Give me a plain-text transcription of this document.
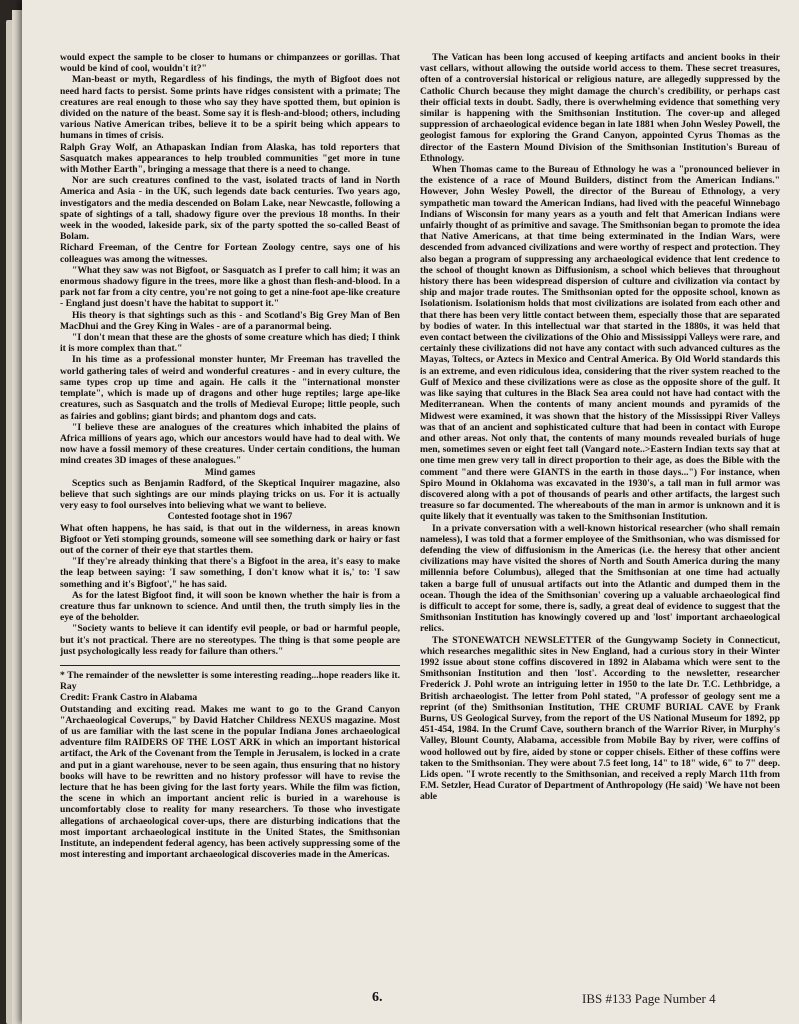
would expect the sample to be closer to humans or chimpanzees or gorillas. That would be kind of cool, wouldn't it?"

Man-beast or myth, Regardless of his findings, the myth of Bigfoot does not need hard facts to persist. Some prints have ridges consistent with a primate; The creatures are real enough to those who say they have spotted them, but opinion is divided on the nature of the beast. Some say it is flesh-and-blood; others, including various Native American tribes, believe it to be a spirit being which appears to humans in times of crisis.

Ralph Gray Wolf, an Athapaskan Indian from Alaska, has told reporters that Sasquatch makes appearances to help troubled communities "get more in tune with Mother Earth", bringing a message that there is a need to change.

Nor are such creatures confined to the vast, isolated tracts of land in North America and Asia - in the UK, such legends date back centuries. Two years ago, investigators and the media descended on Bolam Lake, near Newcastle, following a spate of sightings of a tall, shadowy figure over the previous 18 months. In their week in the wooded, lakeside park, six of the party spotted the so-called Beast of Bolam.

Richard Freeman, of the Centre for Fortean Zoology centre, says one of his colleagues was among the witnesses.

"What they saw was not Bigfoot, or Sasquatch as I prefer to call him; it was an enormous shadowy figure in the trees, more like a ghost than flesh-and-blood. In a park not far from a city centre, you're not going to get a nine-foot ape-like creature - England just doesn't have the habitat to support it."

His theory is that sightings such as this - and Scotland's Big Grey Man of Ben MacDhui and the Grey King in Wales - are of a paranormal being.

"I don't mean that these are the ghosts of some creature which has died; I think it is more complex than that."

In his time as a professional monster hunter, Mr Freeman has travelled the world gathering tales of weird and wonderful creatures - and in every culture, the same types crop up time and again. He calls it the "international monster template", which is made up of dragons and other huge reptiles; large ape-like creatures, such as Sasquatch and the trolls of Medieval Europe; little people, such as fairies and goblins; giant birds; and phantom dogs and cats.

"I believe these are analogues of the creatures which inhabited the plains of Africa millions of years ago, which our ancestors would have had to deal with. We now have a fossil memory of these creatures. Under certain conditions, the human mind creates 3D images of these analogues."

Mind games

Sceptics such as Benjamin Radford, of the Skeptical Inquirer magazine, also believe that such sightings are our minds playing tricks on us. For it is actually very easy to fool ourselves into believing what we want to believe.

Contested footage shot in 1967

What often happens, he has said, is that out in the wilderness, in areas known Bigfoot or Yeti stomping grounds, someone will see something dark or hairy or fast out of the corner of their eye that startles them.

"If they're already thinking that there's a Bigfoot in the area, it's easy to make the leap between saying: 'I saw something, I don't know what it is,' to: 'I saw something and it's Bigfoot'," he has said.

As for the latest Bigfoot find, it will soon be known whether the hair is from a creature thus far unknown to science. And until then, the truth simply lies in the eye of the beholder.

"Society wants to believe it can identify evil people, or bad or harmful people, but it's not practical. There are no stereotypes. The thing is that some people are just psychologically less ready for failure than others."

* The remainder of the newsletter is some interesting reading...hope readers like it. Ray

Credit: Frank Castro in Alabama

Outstanding and exciting read. Makes me want to go to the Grand Canyon "Archaeological Coverups," by David Hatcher Childress NEXUS magazine. Most of us are familiar with the last scene in the popular Indiana Jones archaeological adventure film RAIDERS OF THE LOST ARK in which an important historical artifact, the Ark of the Covenant from the Temple in Jerusalem, is locked in a crate and put in a giant warehouse, never to be seen again, thus ensuring that no history books will have to be rewritten and no history professor will have to revise the lecture that he has been giving for the last forty years. While the film was fiction, the scene in which an important ancient relic is buried in a warehouse is uncomfortably close to reality for many researchers. To those who investigate allegations of archaeological cover-ups, there are disturbing indications that the most important archaeological institute in the United States, the Smithsonian Institute, an independent federal agency, has been actively suppressing some of the most interesting and important archaeological discoveries made in the Americas.

The Vatican has been long accused of keeping artifacts and ancient books in their vast cellars, without allowing the outside world access to them. These secret treasures, often of a controversial historical or religious nature, are allegedly suppressed by the Catholic Church because they might damage the church's credibility, or perhaps cast their official texts in doubt. Sadly, there is overwhelming evidence that something very similar is happening with the Smithsonian Institution. The cover-up and alleged suppression of archaeological evidence began in late 1881 when John Wesley Powell, the geologist famous for exploring the Grand Canyon, appointed Cyrus Thomas as the director of the Eastern Mound Division of the Smithsonian Institution's Bureau of Ethnology.

When Thomas came to the Bureau of Ethnology he was a "pronounced believer in the existence of a race of Mound Builders, distinct from the American Indians." However, John Wesley Powell, the director of the Bureau of Ethnology, a very sympathetic man toward the American Indians, had lived with the peaceful Winnebago Indians of Wisconsin for many years as a youth and felt that American Indians were unfairly thought of as primitive and savage. The Smithsonian began to promote the idea that Native Americans, at that time being exterminated in the Indian Wars, were descended from advanced civilizations and were worthy of respect and protection. They also began a program of suppressing any archaeological evidence that lent credence to the school of thought known as Diffusionism, a school which believes that throughout history there has been widespread dispersion of culture and civilization via contact by ship and major trade routes. The Smithsonian opted for the opposite school, known as Isolationism. Isolationism holds that most civilizations are isolated from each other and that there has been very little contact between them, especially those that are separated by bodies of water. In this intellectual war that started in the 1880s, it was held that even contact between the civilizations of the Ohio and Mississippi Valleys were rare, and certainly these civilizations did not have any contact with such advanced cultures as the Mayas, Toltecs, or Aztecs in Mexico and Central America. By Old World standards this is an extreme, and even ridiculous idea, considering that the river system reached to the Gulf of Mexico and these civilizations were as close as the opposite shore of the gulf. It was like saying that cultures in the Black Sea area could not have had contact with the Mediterranean. When the contents of many ancient mounds and pyramids of the Midwest were examined, it was shown that the history of the Mississippi River Valleys was that of an ancient and sophisticated culture that had been in contact with Europe and other areas. Not only that, the contents of many mounds revealed burials of huge men, sometimes seven or eight feet tall (Vangard note..>Eastern Indian texts say that at one time men grew very tall in direct proportion to their age, as does the Bible with the comment "and there were GIANTS in the earth in those days...") For instance, when Spiro Mound in Oklahoma was excavated in the 1930's, a tall man in full armor was discovered along with a pot of thousands of pearls and other artifacts, the largest such treasure so far documented. The whereabouts of the man in armor is unknown and it is quite likely that it eventually was taken to the Smithsonian Institution.

In a private conversation with a well-known historical researcher (who shall remain nameless), I was told that a former employee of the Smithsonian, who was dismissed for defending the view of diffusionism in the Americas (i.e. the heresy that other ancient civilizations may have visited the shores of North and South America during the many millennia before Columbus), alleged that the Smithsonian at one time had actually taken a barge full of unusual artifacts out into the Atlantic and dumped them in the ocean. Though the idea of the Smithsonian' covering up a valuable archaeological find is difficult to accept for some, there is, sadly, a great deal of evidence to suggest that the Smithsonian Institution has knowingly covered up and 'lost' important archaeological relics.

The STONEWATCH NEWSLETTER of the Gungywamp Society in Connecticut, which researches megalithic sites in New England, had a curious story in their Winter 1992 issue about stone coffins discovered in 1892 in Alabama which were sent to the Smithsonian Institution and then 'lost'. According to the newsletter, researcher Frederick J. Pohl wrote an intriguing letter in 1950 to the late Dr. T.C. Lethbridge, a British archaeologist. The letter from Pohl stated, "A professor of geology sent me a reprint (of the) Smithsonian Institution, THE CRUMF BURIAL CAVE by Frank Burns, US Geological Survey, from the report of the US National Museum for 1892, pp 451-454, 1984. In the Crumf Cave, southern branch of the Warrior River, in Murphy's Valley, Blount County, Alabama, accessible from Mobile Bay by river, were coffins of wood hollowed out by fire, aided by stone or copper chisels. Either of these coffins were taken to the Smithsonian. They were about 7.5 feet long, 14" to 18" wide, 6" to 7" deep. Lids open. "I wrote recently to the Smithsonian, and received a reply March 11th from F.M. Setzler, Head Curator of Department of Anthropology (He said) 'We have not been able

6.	IBS #133 Page Number 4
